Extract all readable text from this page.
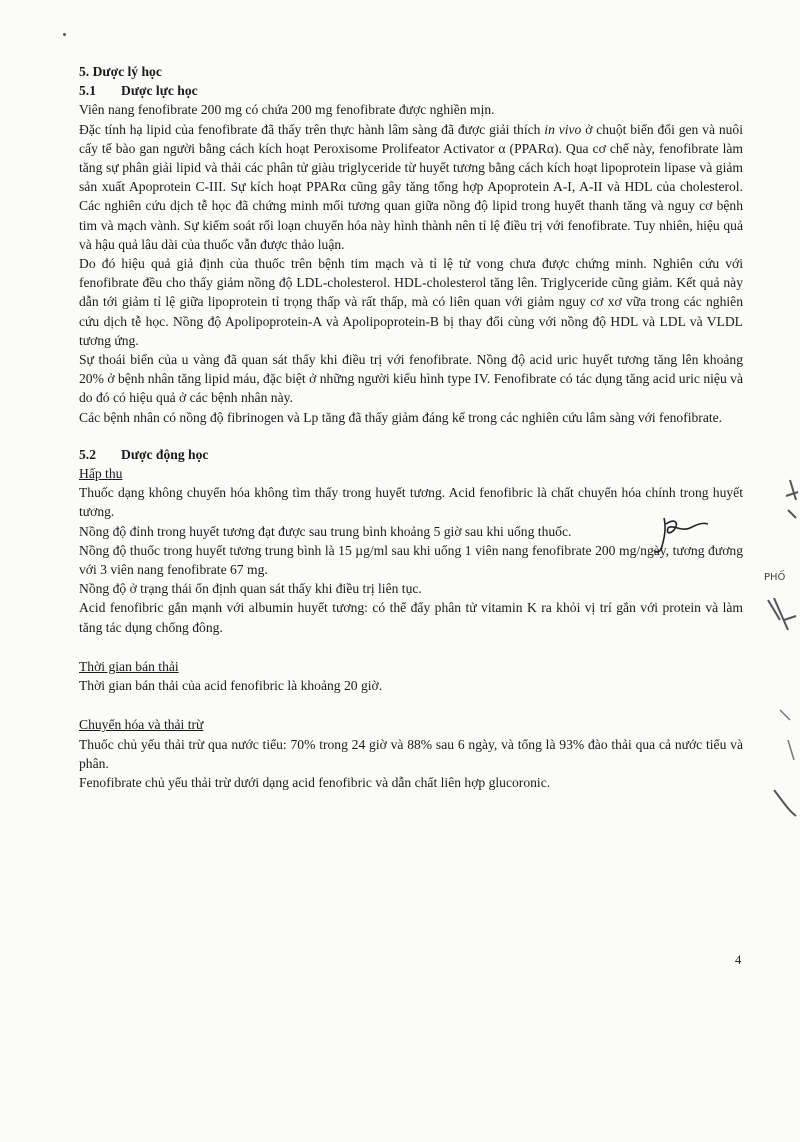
5. Dược lý học

5.1 Dược lực học

Viên nang fenofibrate 200 mg có chứa 200 mg fenofibrate được nghiền mịn.

Đặc tính hạ lipid của fenofibrate đã thấy trên thực hành lâm sàng đã được giải thích in vivo ở chuột biến đổi gen và nuôi cấy tế bào gan người bằng cách kích hoạt Peroxisome Prolifeator Activator α (PPARα). Qua cơ chế này, fenofibrate làm tăng sự phân giải lipid và thải các phân tử giàu triglyceride từ huyết tương bằng cách kích hoạt lipoprotein lipase và giảm sản xuất Apoprotein C-III. Sự kích hoạt PPARα cũng gây tăng tổng hợp Apoprotein A-I, A-II và HDL của cholesterol. Các nghiên cứu dịch tễ học đã chứng minh mối tương quan giữa nồng độ lipid trong huyết thanh tăng và nguy cơ bệnh tim và mạch vành. Sự kiểm soát rối loạn chuyển hóa này hình thành nên tỉ lệ điều trị với fenofibrate. Tuy nhiên, hiệu quả và hậu quả lâu dài của thuốc vẫn được thảo luận.

Do đó hiệu quả giả định của thuốc trên bệnh tim mạch và tỉ lệ tử vong chưa được chứng minh. Nghiên cứu với fenofibrate đều cho thấy giảm nồng độ LDL-cholesterol. HDL-cholesterol tăng lên. Triglyceride cũng giảm. Kết quả này dẫn tới giảm tỉ lệ giữa lipoprotein tỉ trọng thấp và rất thấp, mà có liên quan với giảm nguy cơ xơ vữa trong các nghiên cứu dịch tễ học. Nồng độ Apolipoprotein-A và Apolipoprotein-B bị thay đổi cùng với nồng độ HDL và LDL và VLDL tương ứng.

Sự thoái biến của u vàng đã quan sát thấy khi điều trị với fenofibrate. Nồng độ acid uric huyết tương tăng lên khoảng 20% ở bệnh nhân tăng lipid máu, đặc biệt ở những người kiểu hình type IV. Fenofibrate có tác dụng tăng acid uric niệu và do đó có hiệu quả ở các bệnh nhân này.

Các bệnh nhân có nồng độ fibrinogen và Lp tăng đã thấy giảm đáng kể trong các nghiên cứu lâm sàng với fenofibrate.

5.2 Dược động học

Hấp thu

Thuốc dạng không chuyển hóa không tìm thấy trong huyết tương. Acid fenofibric là chất chuyển hóa chính trong huyết tương.

Nồng độ đỉnh trong huyết tương đạt được sau trung bình khoảng 5 giờ sau khi uống thuốc.

Nồng độ thuốc trong huyết tương trung bình là 15 µg/ml sau khi uống 1 viên nang fenofibrate 200 mg/ngày, tương đương với 3 viên nang fenofibrate 67 mg.

Nồng độ ở trạng thái ổn định quan sát thấy khi điều trị liên tục.

Acid fenofibric gắn mạnh với albumin huyết tương: có thể đẩy phân tử vitamin K ra khỏi vị trí gắn với protein và làm tăng tác dụng chống đông.

Thời gian bán thải

Thời gian bán thải của acid fenofibric là khoảng 20 giờ.

Chuyển hóa và thải trừ

Thuốc chủ yếu thải trừ qua nước tiểu: 70% trong 24 giờ và 88% sau 6 ngày, và tổng là 93% đào thải qua cả nước tiểu và phân.

Fenofibrate chủ yếu thải trừ dưới dạng acid fenofibric và dẫn chất liên hợp glucoronic.

PHỐ
4
